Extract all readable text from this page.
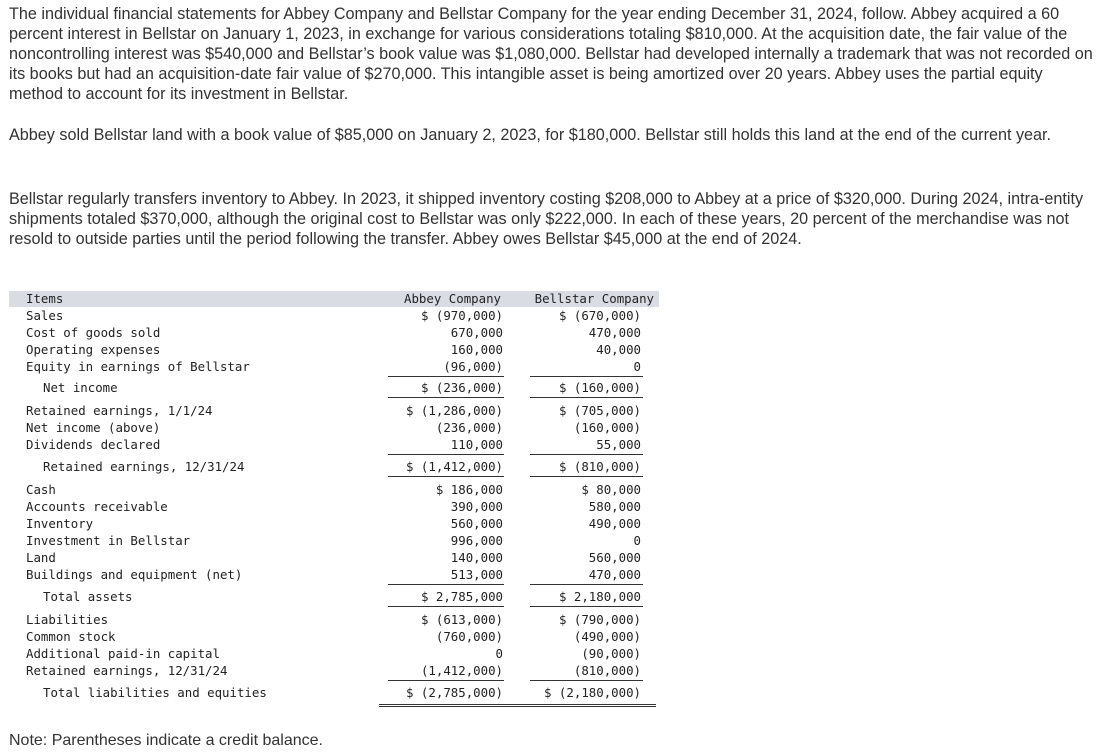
The individual financial statements for Abbey Company and Bellstar Company for the year ending December 31, 2024, follow. Abbey acquired a 60 percent interest in Bellstar on January 1, 2023, in exchange for various considerations totaling $810,000. At the acquisition date, the fair value of the noncontrolling interest was $540,000 and Bellstar’s book value was $1,080,000. Bellstar had developed internally a trademark that was not recorded on its books but had an acquisition-date fair value of $270,000. This intangible asset is being amortized over 20 years. Abbey uses the partial equity method to account for its investment in Bellstar.

Abbey sold Bellstar land with a book value of $85,000 on January 2, 2023, for $180,000. Bellstar still holds this land at the end of the current year.

Bellstar regularly transfers inventory to Abbey. In 2023, it shipped inventory costing $208,000 to Abbey at a price of $320,000. During 2024, intra-entity shipments totaled $370,000, although the original cost to Bellstar was only $222,000. In each of these years, 20 percent of the merchandise was not resold to outside parties until the period following the transfer. Abbey owes Bellstar $45,000 at the end of 2024.

Items	Abbey Company	Bellstar Company
Sales	$ (970,000)	$ (670,000)
Cost of goods sold	670,000	470,000
Operating expenses	160,000	40,000
Equity in earnings of Bellstar	(96,000)	0
Net income	$ (236,000)	$ (160,000)
Retained earnings, 1/1/24	$ (1,286,000)	$ (705,000)
Net income (above)	(236,000)	(160,000)
Dividends declared	110,000	55,000
Retained earnings, 12/31/24	$ (1,412,000)	$ (810,000)
Cash	$ 186,000	$ 80,000
Accounts receivable	390,000	580,000
Inventory	560,000	490,000
Investment in Bellstar	996,000	0
Land	140,000	560,000
Buildings and equipment (net)	513,000	470,000
Total assets	$ 2,785,000	$ 2,180,000
Liabilities	$ (613,000)	$ (790,000)
Common stock	(760,000)	(490,000)
Additional paid-in capital	0	(90,000)
Retained earnings, 12/31/24	(1,412,000)	(810,000)
Total liabilities and equities	$ (2,785,000)	$ (2,180,000)
Note: Parentheses indicate a credit balance.
